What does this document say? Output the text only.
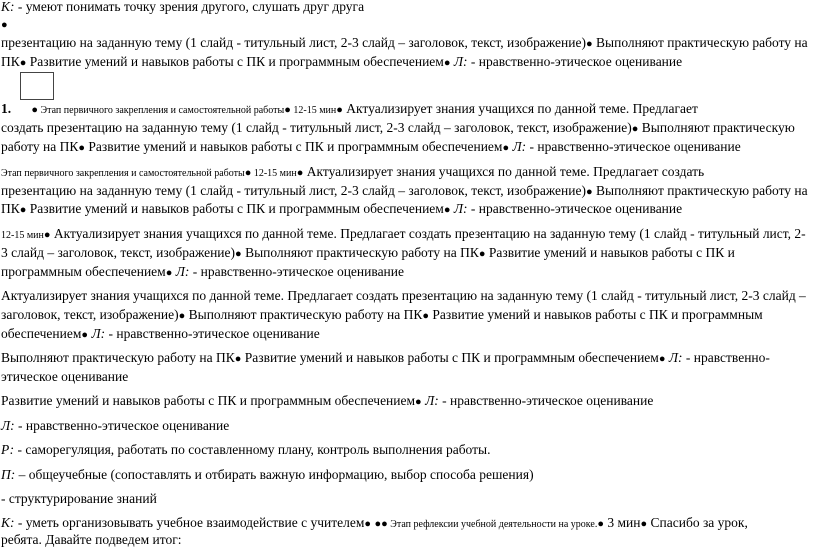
К: - умеют понимать точку зрения другого, слушать друг друга
●
презентацию на заданную тему (1 слайд - титульный лист, 2-3 слайд – заголовок, текст, изображение)● Выполняют практическую работу на
ПК● Развитие умений и навыков работы с ПК и программным обеспечением● Л: - нравственно-этическое оценивание
1. ● Этап первичного закрепления и самостоятельной работы● 12-15 мин● Актуализирует знания учащихся по данной теме. Предлагает
создать презентацию на заданную тему (1 слайд - титульный лист, 2-3 слайд – заголовок, текст, изображение)● Выполняют практическую
работу на ПК● Развитие умений и навыков работы с ПК и программным обеспечением● Л: - нравственно-этическое оценивание
Этап первичного закрепления и самостоятельной работы● 12-15 мин● Актуализирует знания учащихся по данной теме. Предлагает создать
презентацию на заданную тему (1 слайд - титульный лист, 2-3 слайд – заголовок, текст, изображение)● Выполняют практическую работу на
ПК● Развитие умений и навыков работы с ПК и программным обеспечением● Л: - нравственно-этическое оценивание
12-15 мин● Актуализирует знания учащихся по данной теме. Предлагает создать презентацию на заданную тему (1 слайд - титульный лист, 2-
3 слайд – заголовок, текст, изображение)● Выполняют практическую работу на ПК● Развитие умений и навыков работы с ПК и
программным обеспечением● Л: - нравственно-этическое оценивание
Актуализирует знания учащихся по данной теме. Предлагает создать презентацию на заданную тему (1 слайд - титульный лист, 2-3 слайд –
заголовок, текст, изображение)● Выполняют практическую работу на ПК● Развитие умений и навыков работы с ПК и программным
обеспечением● Л: - нравственно-этическое оценивание
Выполняют практическую работу на ПК● Развитие умений и навыков работы с ПК и программным обеспечением● Л: - нравственно-
этическое оценивание
Развитие умений и навыков работы с ПК и программным обеспечением● Л: - нравственно-этическое оценивание
Л: - нравственно-этическое оценивание
Р: - саморегуляция, работать по составленному плану, контроль выполнения работы.
П: – общеучебные (сопоставлять и отбирать важную информацию, выбор способа решения)
- структурирование знаний
К: - уметь организовывать учебное взаимодействие с учителем● ●● Этап рефлексии учебной деятельности на уроке.● 3 мин● Спасибо за урок,
ребята. Давайте подведем итог:
